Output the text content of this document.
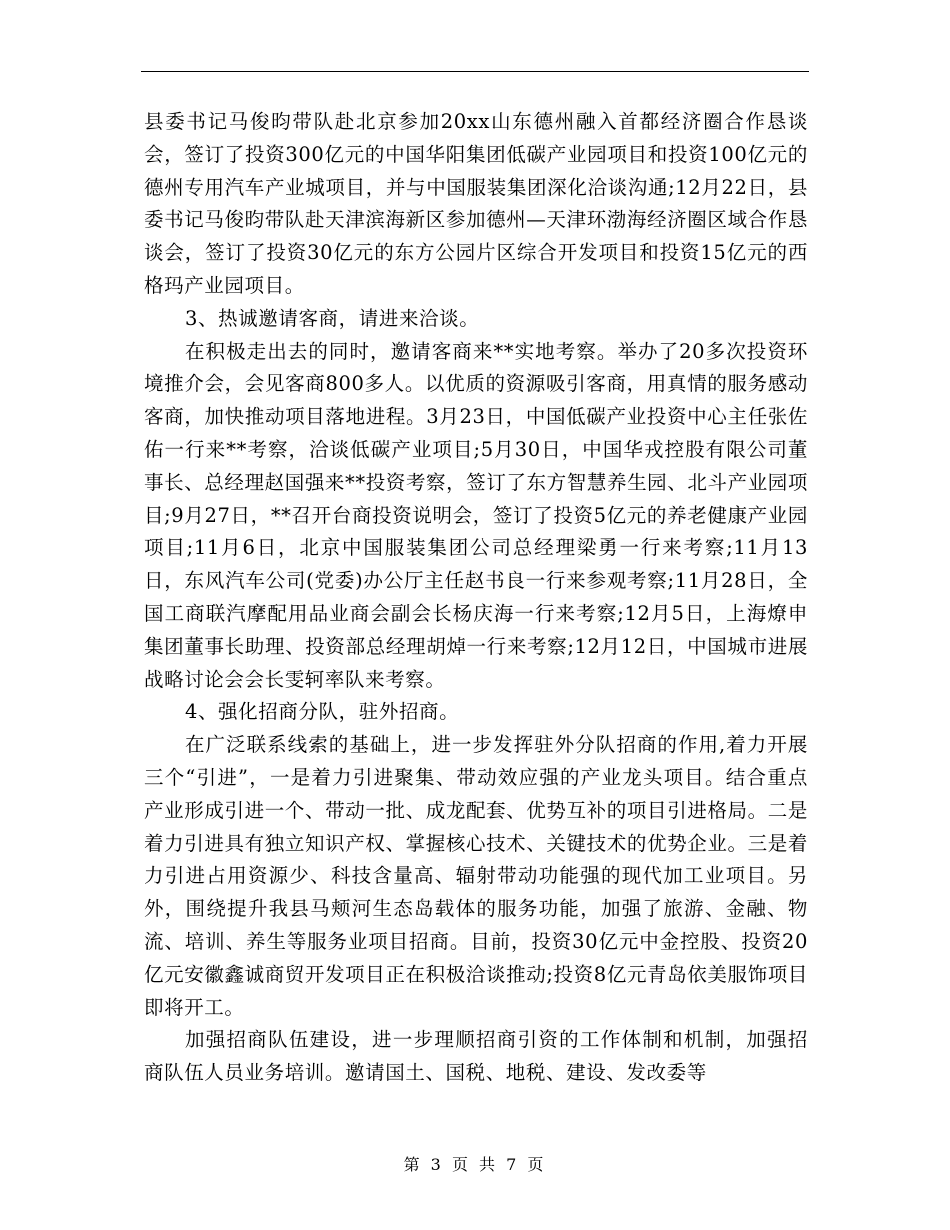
县委书记马俊昀带队赴北京参加20xx山东德州融入首都经济圈合作恳谈会，签订了投资300亿元的中国华阳集团低碳产业园项目和投资100亿元的德州专用汽车产业城项目，并与中国服装集团深化洽谈沟通;12月22日，县委书记马俊昀带队赴天津滨海新区参加德州—天津环渤海经济圈区域合作恳谈会，签订了投资30亿元的东方公园片区综合开发项目和投资15亿元的西格玛产业园项目。

3、热诚邀请客商，请进来洽谈。

在积极走出去的同时，邀请客商来**实地考察。举办了20多次投资环境推介会，会见客商800多人。以优质的资源吸引客商，用真情的服务感动客商，加快推动项目落地进程。3月23日，中国低碳产业投资中心主任张佐佑一行来**考察，洽谈低碳产业项目;5月30日，中国华戎控股有限公司董事长、总经理赵国强来**投资考察，签订了东方智慧养生园、北斗产业园项目;9月27日，**召开台商投资说明会，签订了投资5亿元的养老健康产业园项目;11月6日，北京中国服装集团公司总经理梁勇一行来考察;11月13日，东风汽车公司(党委)办公厅主任赵书良一行来参观考察;11月28日，全国工商联汽摩配用品业商会副会长杨庆海一行来考察;12月5日，上海燎申集团董事长助理、投资部总经理胡焯一行来考察;12月12日，中国城市进展战略讨论会会长雯轲率队来考察。

4、强化招商分队，驻外招商。

在广泛联系线索的基础上，进一步发挥驻外分队招商的作用,着力开展三个“引进”，一是着力引进聚集、带动效应强的产业龙头项目。结合重点产业形成引进一个、带动一批、成龙配套、优势互补的项目引进格局。二是着力引进具有独立知识产权、掌握核心技术、关键技术的优势企业。三是着力引进占用资源少、科技含量高、辐射带动功能强的现代加工业项目。另外，围绕提升我县马颊河生态岛载体的服务功能，加强了旅游、金融、物流、培训、养生等服务业项目招商。目前，投资30亿元中金控股、投资20亿元安徽鑫诚商贸开发项目正在积极洽谈推动;投资8亿元青岛依美服饰项目即将开工。

加强招商队伍建设，进一步理顺招商引资的工作体制和机制，加强招商队伍人员业务培训。邀请国土、国税、地税、建设、发改委等

第 3 页 共 7 页
